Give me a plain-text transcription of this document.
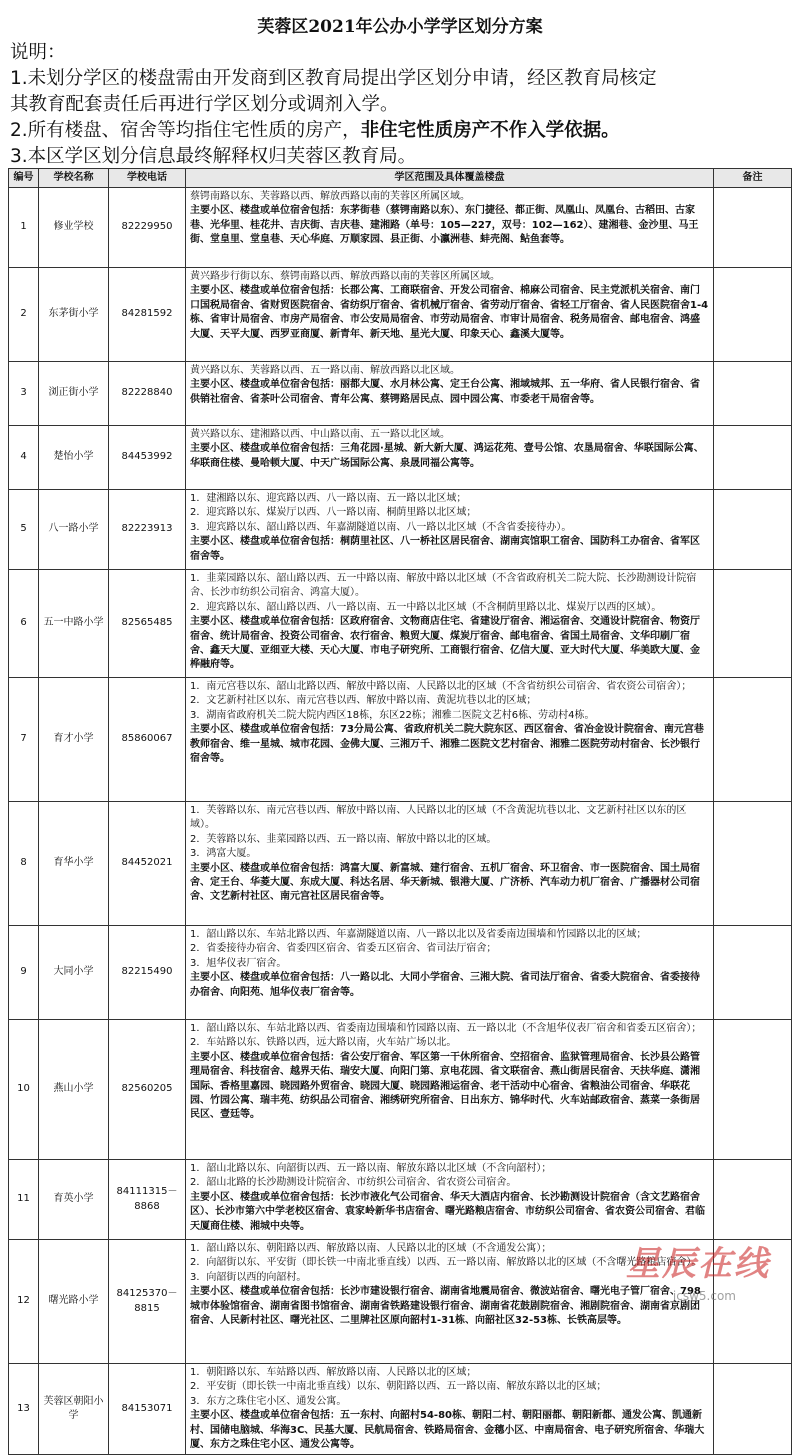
芙蓉区2021年公办小学学区划分方案
说明：
1.未划分学区的楼盘需由开发商到区教育局提出学区划分申请，经区教育局核定
其教育配套责任后再进行学区划分或调剂入学。
2.所有楼盘、宿舍等均指住宅性质的房产，非住宅性质房产不作入学依据。
3.本区学区划分信息最终解释权归芙蓉区教育局。
编号	学校名称	学校电话	学区范围及具体覆盖楼盘	备注
1	修业学校	82229950	蔡锷南路以东、芙蓉路以西、解放西路以南的芙蓉区所属区域。
主要小区、楼盘或单位宿舍包括：东茅街巷（蔡锷南路以东）、东门捷径、都正街、凤凰山、凤凰台、古稻田、古家巷、光华里、桂花井、吉庆街、吉庆巷、建湘路（单号：105—227，双号：102—162）、建湘巷、金沙里、马王街、堂皇里、堂皇巷、天心华庭、万顺家园、县正街、小瀛洲巷、蚌壳阁、鲇鱼套等。	

2	东茅街小学	84281592	黄兴路步行街以东、蔡锷南路以西、解放西路以南的芙蓉区所属区域。
主要小区、楼盘或单位宿舍包括：长郡公寓、工商联宿舍、开发公司宿舍、棉麻公司宿舍、民主党派机关宿舍、南门口国税局宿舍、省财贸医院宿舍、省纺织厅宿舍、省机械厅宿舍、省劳动厅宿舍、省轻工厅宿舍、省人民医院宿舍1-4栋、省审计局宿舍、市房产局宿舍、市公安局局宿舍、市劳动局宿舍、市审计局宿舍、税务局宿舍、邮电宿舍、鸿盛大厦、天平大厦、西罗亚商厦、新青年、新天地、星光大厦、印象天心、鑫溪大厦等。	

3	浏正街小学	82228840	黄兴路以东、芙蓉路以西、五一路以南、解放西路以北区域。
主要小区、楼盘或单位宿舍包括：丽都大厦、水月林公寓、定王台公寓、湘域城邦、五一华府、省人民银行宿舍、省供销社宿舍、省茶叶公司宿舍、青年公寓、蔡锷路居民点、园中园公寓、市委老干局宿舍等。	

4	楚怡小学	84453992	黄兴路以东、建湘路以西、中山路以南、五一路以北区域。
主要小区、楼盘或单位宿舍包括：三角花园·星城、新大新大厦、鸿运花苑、壹号公馆、农垦局宿舍、华联国际公寓、华联商住楼、曼哈顿大厦、中天广场国际公寓、泉晟同福公寓等。	

5	八一路小学	82223913	1．建湘路以东、迎宾路以西、八一路以南、五一路以北区域；
2．迎宾路以东、煤炭厅以西、八一路以南、桐荫里路以北区域；
3．迎宾路以东、韶山路以西、年嘉湖隧道以南、八一路以北区域（不含省委接待办）。
主要小区、楼盘或单位宿舍包括：桐荫里社区、八一桥社区居民宿舍、湖南宾馆职工宿舍、国防科工办宿舍、省军区宿舍等。	

6	五一中路小学	82565485	1．韭菜园路以东、韶山路以西、五一中路以南、解放中路以北区域（不含省政府机关二院大院、长沙勘测设计院宿舍、长沙市纺织公司宿舍、鸿富大厦）。
2．迎宾路以东、韶山路以西、八一路以南、五一中路以北区域（不含桐荫里路以北、煤炭厅以西的区域）。
主要小区、楼盘或单位宿舍包括：区政府宿舍、文物商店住宅、省建设厅宿舍、湘运宿舍、交通设计院宿舍、物资厅宿舍、统计局宿舍、投资公司宿舍、农行宿舍、粮贸大厦、煤炭厅宿舍、邮电宿舍、省国土局宿舍、文华印刷厂宿舍、鑫天大厦、亚细亚大楼、天心大厦、市电子研究所、工商银行宿舍、亿信大厦、亚大时代大厦、华美欧大厦、金桦融府等。	

7	育才小学	85860067	1．南元宫巷以东、韶山北路以西、解放中路以南、人民路以北的区域（不含省纺织公司宿舍、省农资公司宿舍）；
2．文艺新村社区以东、南元宫巷以西、解放中路以南、黄泥坑巷以北的区域；
3．湖南省政府机关二院大院内西区18栋，东区22栋；湘雅二医院文艺村6栋、劳动村4栋。
主要小区、楼盘或单位宿舍包括：73分局公寓、省政府机关二院大院东区、西区宿舍、省冶金设计院宿舍、南元宫巷教师宿舍、维一星城、城市花园、金佛大厦、三湘万千、湘雅二医院文艺村宿舍、湘雅二医院劳动村宿舍、长沙银行宿舍等。	

8	育华小学	84452021	1．芙蓉路以东、南元宫巷以西、解放中路以南、人民路以北的区域（不含黄泥坑巷以北、文艺新村社区以东的区域）。
2．芙蓉路以东、韭菜园路以西、五一路以南、解放中路以北的区域。
3．鸿富大厦。
主要小区、楼盘或单位宿舍包括：鸿富大厦、新富城、建行宿舍、五机厂宿舍、环卫宿舍、市一医院宿舍、国土局宿舍、定王台、华菱大厦、东成大厦、科达名居、华天新城、银港大厦、广济桥、汽车动力机厂宿舍、广播器材公司宿舍、文艺新村社区、南元宫社区居民宿舍等。	

9	大同小学	82215490	1．韶山路以东、车站北路以西、年嘉湖隧道以南、八一路以北以及省委南边围墙和竹园路以北的区域；
2．省委接待办宿舍、省委四区宿舍、省委五区宿舍、省司法厅宿舍；
3．旭华仪表厂宿舍。
主要小区、楼盘或单位宿舍包括：八一路以北、大同小学宿舍、三湘大院、省司法厅宿舍、省委大院宿舍、省委接待办宿舍、向阳苑、旭华仪表厂宿舍等。	

10	燕山小学	82560205	1．韶山路以东、车站北路以西、省委南边围墙和竹园路以南、五一路以北（不含旭华仪表厂宿舍和省委五区宿舍）；
2．车站路以东、铁路以西，远大路以南，火车站广场以北。
主要小区、楼盘或单位宿舍包括：省公安厅宿舍、军区第一干休所宿舍、空招宿舍、监狱管理局宿舍、长沙县公路管理局宿舍、科技宿舍、越界天佑、瑞安大厦、向阳门第、京电花园、省文联宿舍、燕山街居民宿舍、天扶华庭、潇湘国际、香格里嘉园、晓园路外贸宿舍、晓园大厦、晓园路湘运宿舍、老干活动中心宿舍、省粮油公司宿舍、华联花园、竹园公寓、瑞丰苑、纺织品公司宿舍、湘绣研究所宿舍、日出东方、锦华时代、火车站邮政宿舍、蒸菜一条街居民区、壹廷等。	

11	育英小学	84111315－8868	1．韶山北路以东、向韶街以西、五一路以南、解放东路以北区域（不含向韶村）；
2．韶山北路的长沙勘测设计院宿舍、市纺织公司宿舍、省农资公司宿舍。
主要小区、楼盘或单位宿舍包括：长沙市液化气公司宿舍、华天大酒店内宿舍、长沙勘测设计院宿舍（含文艺路宿舍区）、长沙市第六中学老校区宿舍、袁家岭新华书店宿舍、曙光路粮店宿舍、市纺织公司宿舍、省农资公司宿舍、君临天厦商住楼、湘城中央等。	

12	曙光路小学	84125370－8815	1．韶山路以东、朝阳路以西、解放路以南、人民路以北的区域（不含通发公寓）；
2．向韶街以东、平安街（即长铁一中南北垂直线）以西、五一路以南、解放路以北的区域（不含曙光路粮店宿舍）。
3．向韶街以西的向韶村。
主要小区、楼盘或单位宿舍包括：长沙市建设银行宿舍、湖南省地震局宿舍、微波站宿舍、曙光电子管厂宿舍、798城市体验馆宿舍、湖南省图书馆宿舍、湖南省铁路建设银行宿舍、湖南省花鼓剧院宿舍、湘剧院宿舍、湖南省京剧团宿舍、人民新村社区、曙光社区、二里牌社区原向韶村1-31栋、向韶社区32-53栋、长铁高层等。	

13	芙蓉区朝阳小学	84153071	1．朝阳路以东、车站路以西、解放路以南、人民路以北的区域；
2．平安街（即长铁一中南北垂直线）以东、朝阳路以西、五一路以南、解放东路以北的区域；
3．东方之珠住宅小区、通发公寓。
主要小区、楼盘或单位宿舍包括：五一东村、向韶村54-80栋、朝阳二村、朝阳丽都、朝阳新都、通发公寓、凯通新村、国储电脑城、华海3C、民基大厦、民航局宿舍、铁路局宿舍、金穗小区、中南局宿舍、电子研究所宿舍、华瑞大厦、东方之珠住宅小区、通发公寓等。	

星辰在线
icsw5.com
